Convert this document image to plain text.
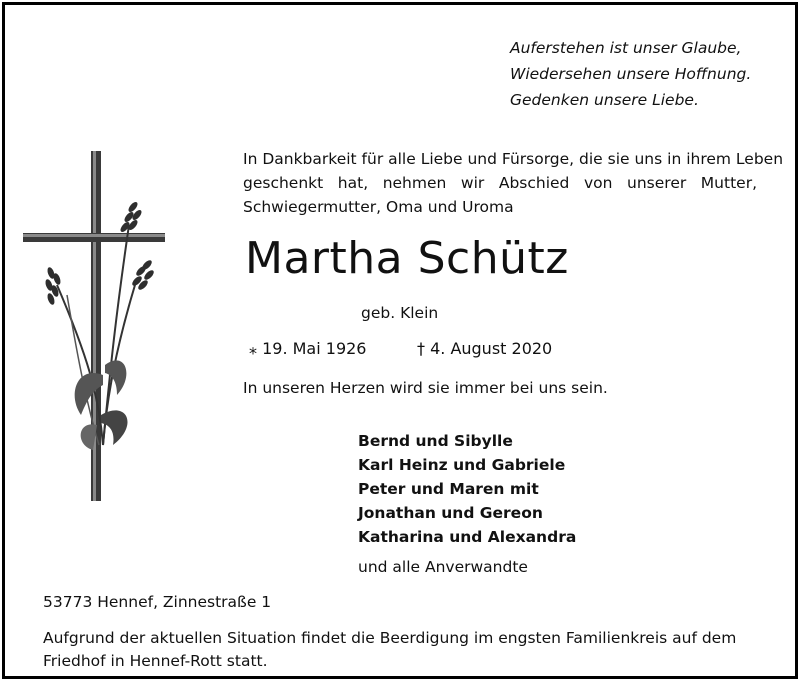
Auferstehen ist unser Glaube,
Wiedersehen unsere Hoffnung.
Gedenken unsere Liebe.
In Dankbarkeit für alle Liebe und Fürsorge, die sie uns in ihrem Leben
geschenkt hat, nehmen wir Abschied von unserer Mutter,
Schwiegermutter, Oma und Uroma
Martha Schütz
geb. Klein
⁎ 19. Mai 1926	† 4. August 2020
In unseren Herzen wird sie immer bei uns sein.
Bernd und Sibylle
Karl Heinz und Gabriele
Peter und Maren mit
Jonathan und Gereon
Katharina und Alexandra
und alle Anverwandte
53773 Hennef, Zinnestraße 1
Aufgrund der aktuellen Situation findet die Beerdigung im engsten Familienkreis auf dem Friedhof in Hennef-Rott statt.
